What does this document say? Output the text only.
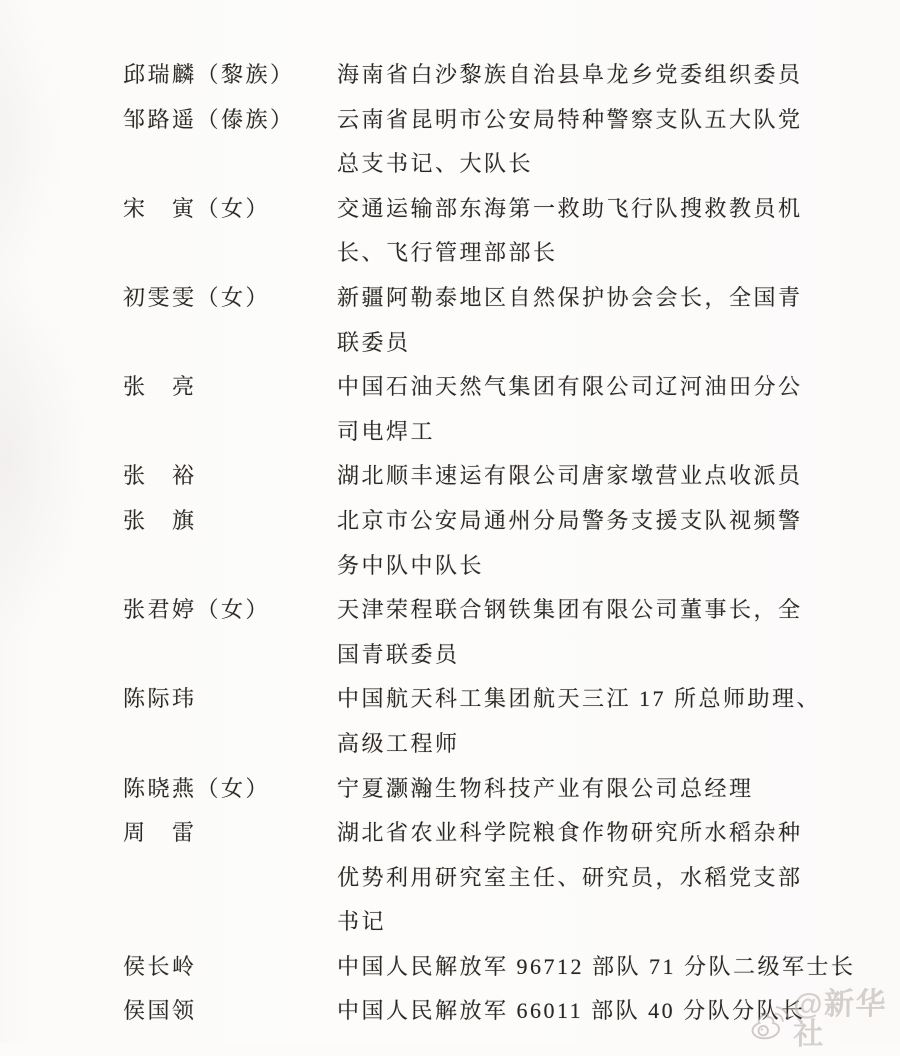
邱瑞麟（黎族）	海南省白沙黎族自治县阜龙乡党委组织委员
邹路遥（傣族）	云南省昆明市公安局特种警察支队五大队党
总支书记、大队长
宋　寅（女）	交通运输部东海第一救助飞行队搜救教员机
长、飞行管理部部长
初雯雯（女）	新疆阿勒泰地区自然保护协会会长，全国青
联委员
张　亮	中国石油天然气集团有限公司辽河油田分公
司电焊工
张　裕	湖北顺丰速运有限公司唐家墩营业点收派员
张　旗	北京市公安局通州分局警务支援支队视频警
务中队中队长
张君婷（女）	天津荣程联合钢铁集团有限公司董事长，全
国青联委员
陈际玮	中国航天科工集团航天三江 17 所总师助理、
高级工程师
陈晓燕（女）	宁夏灏瀚生物科技产业有限公司总经理
周　雷	湖北省农业科学院粮食作物研究所水稻杂种
优势利用研究室主任、研究员，水稻党支部
书记
侯长岭	中国人民解放军 96712 部队 71 分队二级军士长
侯国领	中国人民解放军 66011 部队 40 分队分队长
@新华社
